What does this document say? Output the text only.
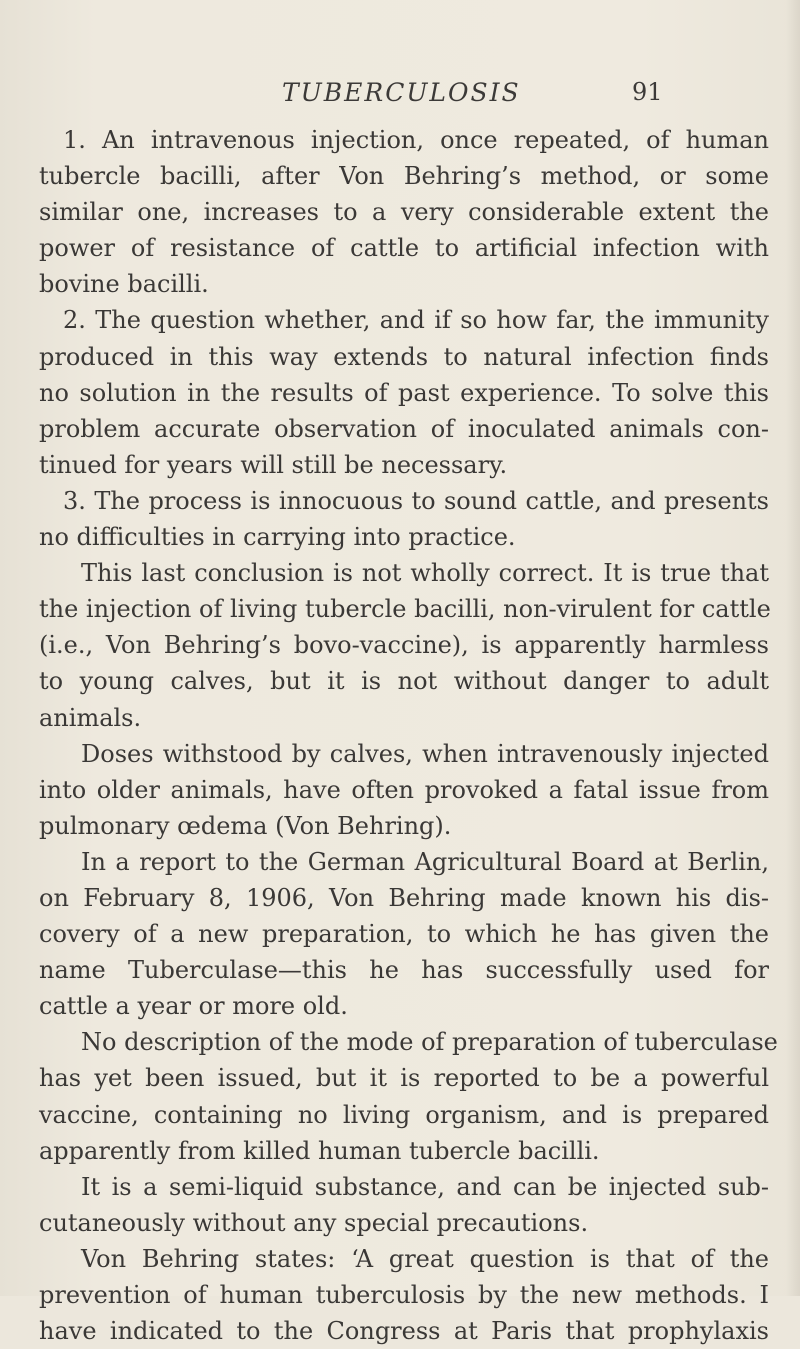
TUBERCULOSIS	91
1. An intravenous injection, once repeated, of human
tubercle bacilli, after Von Behring’s method, or some
similar one, increases to a very considerable extent the
power of resistance of cattle to artificial infection with
bovine bacilli.
2. The question whether, and if so how far, the immunity
produced in this way extends to natural infection finds
no solution in the results of past experience. To solve this
problem accurate observation of inoculated animals con-
tinued for years will still be necessary.
3. The process is innocuous to sound cattle, and presents
no difficulties in carrying into practice.
This last conclusion is not wholly correct. It is true that
the injection of living tubercle bacilli, non-virulent for cattle
(i.e., Von Behring’s bovo-vaccine), is apparently harmless
to young calves, but it is not without danger to adult
animals.
Doses withstood by calves, when intravenously injected
into older animals, have often provoked a fatal issue from
pulmonary œdema (Von Behring).
In a report to the German Agricultural Board at Berlin,
on February 8, 1906, Von Behring made known his dis-
covery of a new preparation, to which he has given the
name Tuberculase—this he has successfully used for
cattle a year or more old.
No description of the mode of preparation of tuberculase
has yet been issued, but it is reported to be a powerful
vaccine, containing no living organism, and is prepared
apparently from killed human tubercle bacilli.
It is a semi-liquid substance, and can be injected sub-
cutaneously without any special precautions.
Von Behring states: ‘A great question is that of the
prevention of human tuberculosis by the new methods. I
have indicated to the Congress at Paris that prophylaxis
